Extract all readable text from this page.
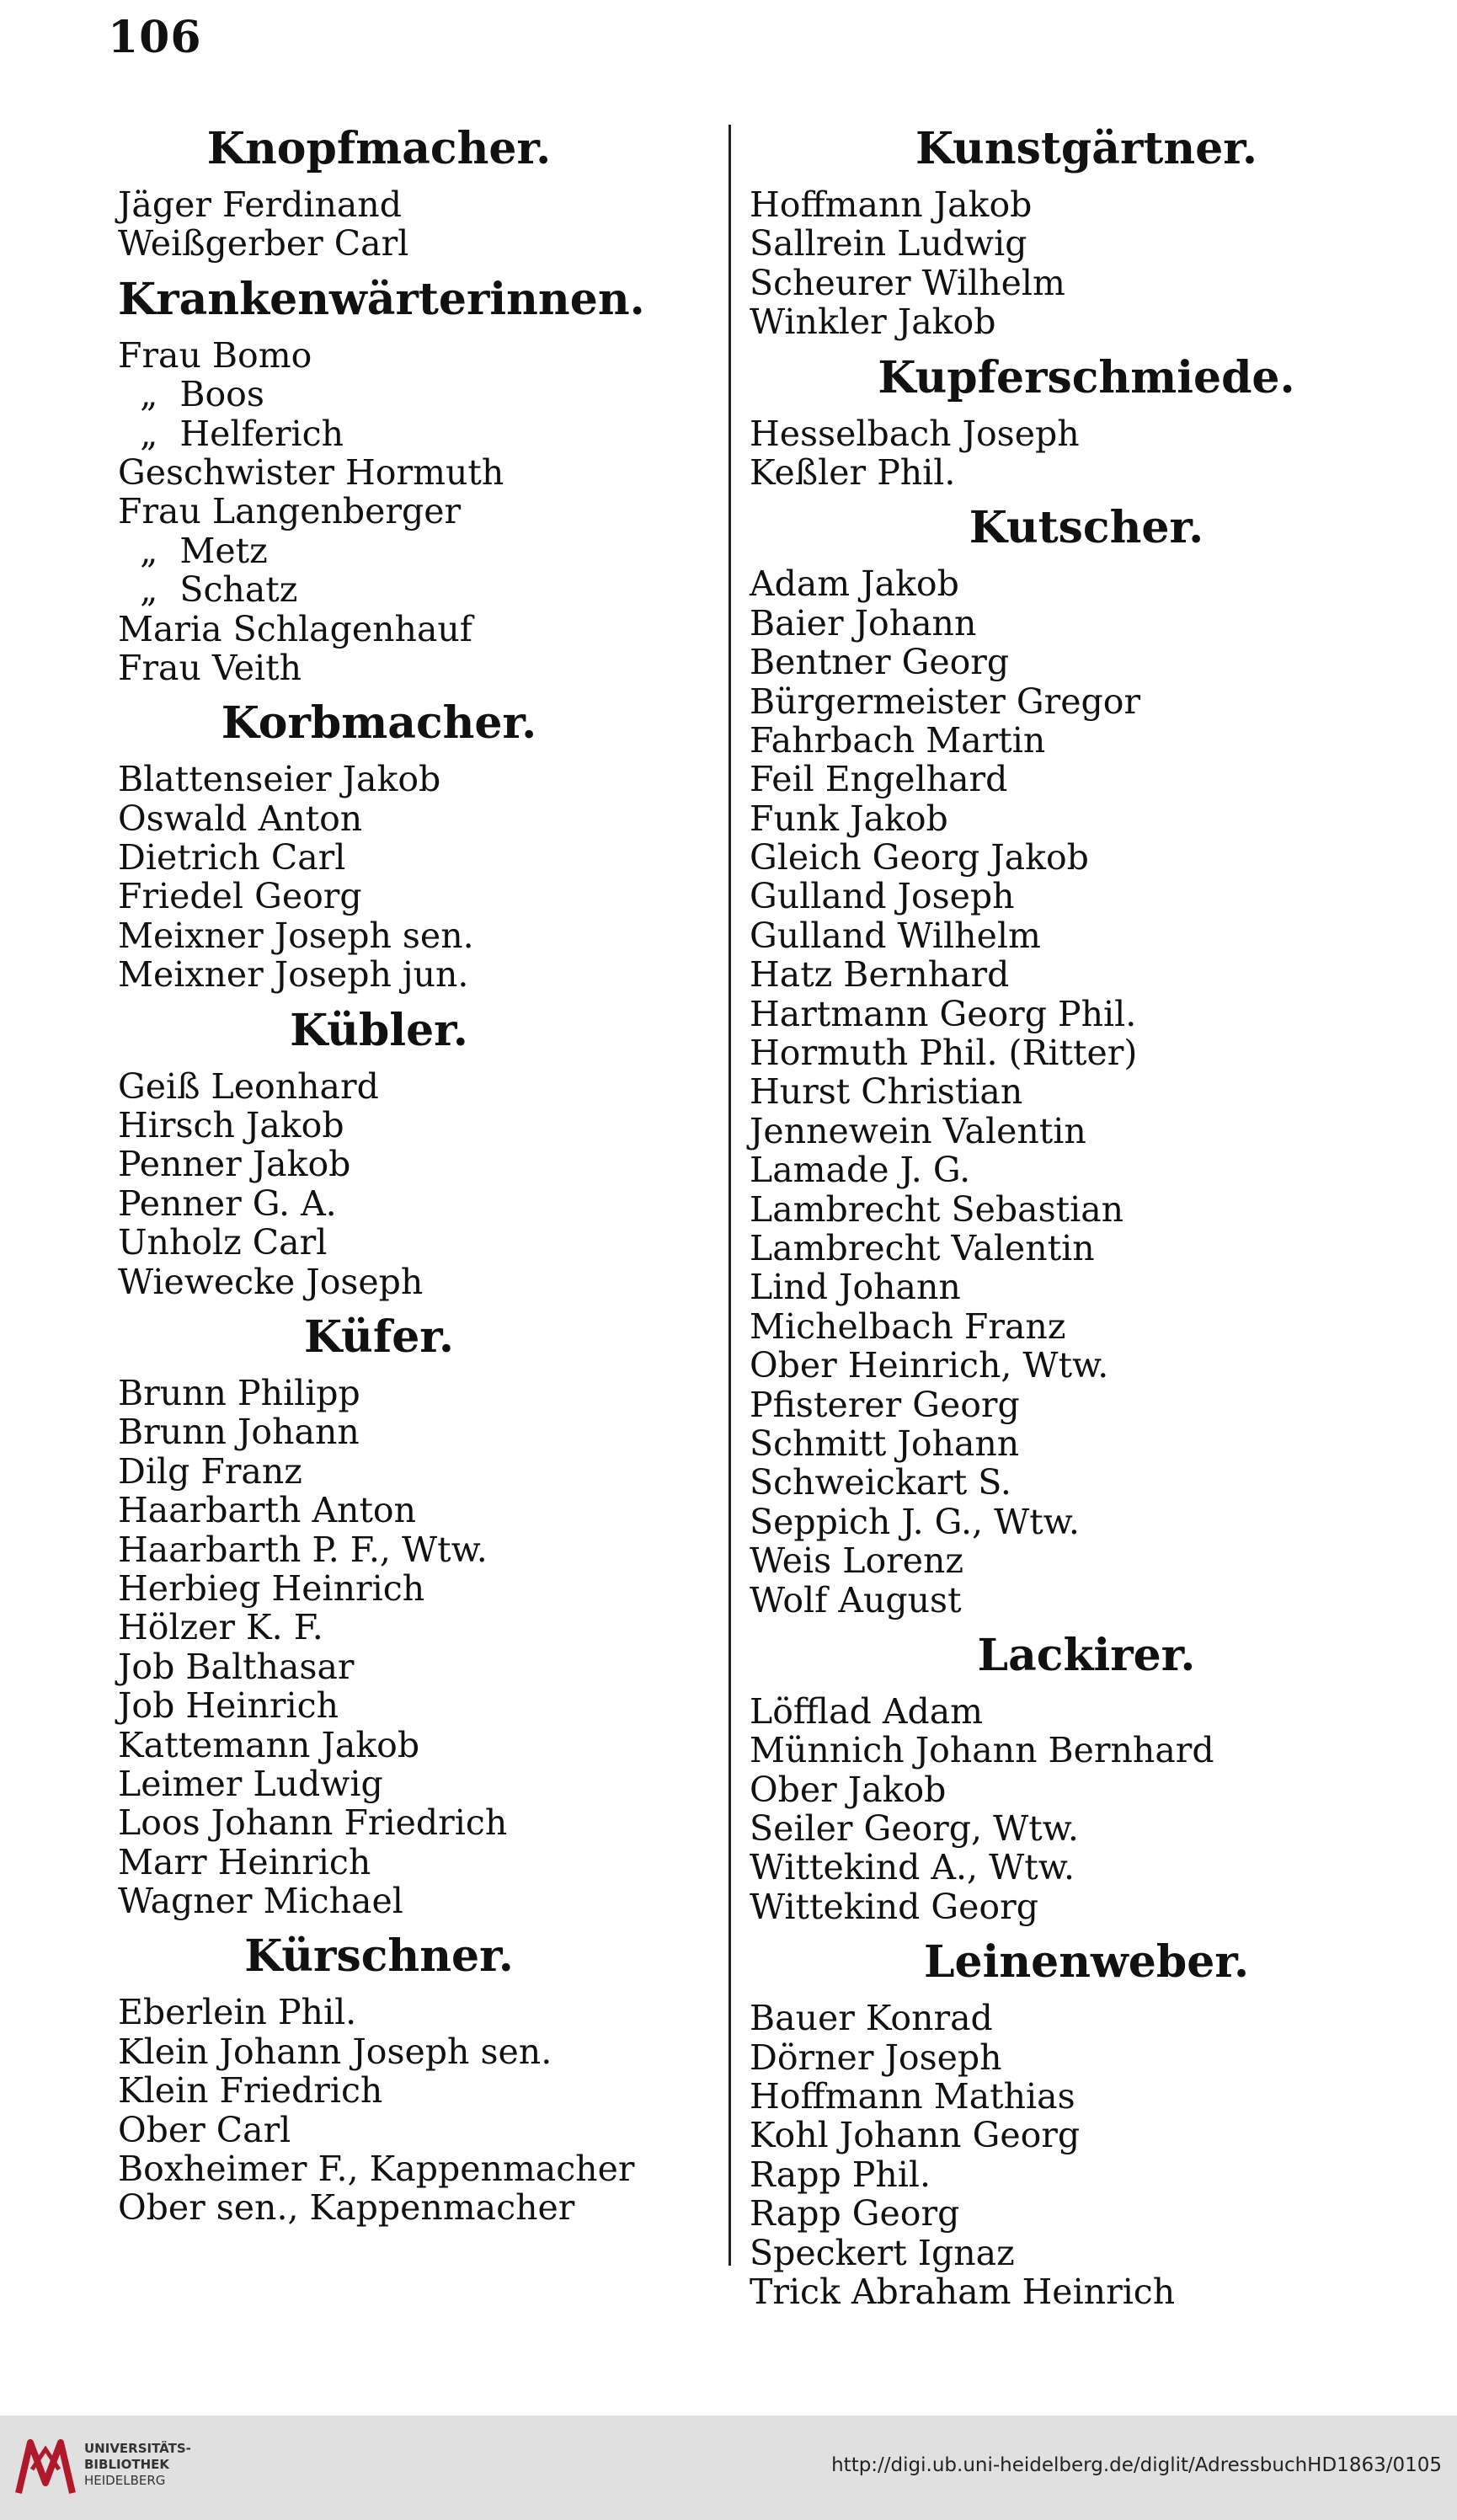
106
Knopfmacher.
Jäger Ferdinand
Weißgerber Carl
Krankenwärterinnen.
Frau Bomo
„  Boos
„  Helferich
Geschwister Hormuth
Frau Langenberger
„  Metz
„  Schatz
Maria Schlagenhauf
Frau Veith
Korbmacher.
Blattenseier Jakob
Oswald Anton
Dietrich Carl
Friedel Georg
Meixner Joseph sen.
Meixner Joseph jun.
Kübler.
Geiß Leonhard
Hirsch Jakob
Penner Jakob
Penner G. A.
Unholz Carl
Wiewecke Joseph
Küfer.
Brunn Philipp
Brunn Johann
Dilg Franz
Haarbarth Anton
Haarbarth P. F., Wtw.
Herbieg Heinrich
Hölzer K. F.
Job Balthasar
Job Heinrich
Kattemann Jakob
Leimer Ludwig
Loos Johann Friedrich
Marr Heinrich
Wagner Michael
Kürschner.
Eberlein Phil.
Klein Johann Joseph sen.
Klein Friedrich
Ober Carl
Boxheimer F., Kappenmacher
Ober sen., Kappenmacher
Kunstgärtner.
Hoffmann Jakob
Sallrein Ludwig
Scheurer Wilhelm
Winkler Jakob
Kupferschmiede.
Hesselbach Joseph
Keßler Phil.
Kutscher.
Adam Jakob
Baier Johann
Bentner Georg
Bürgermeister Gregor
Fahrbach Martin
Feil Engelhard
Funk Jakob
Gleich Georg Jakob
Gulland Joseph
Gulland Wilhelm
Hatz Bernhard
Hartmann Georg Phil.
Hormuth Phil. (Ritter)
Hurst Christian
Jennewein Valentin
Lamade J. G.
Lambrecht Sebastian
Lambrecht Valentin
Lind Johann
Michelbach Franz
Ober Heinrich, Wtw.
Pfisterer Georg
Schmitt Johann
Schweickart S.
Seppich J. G., Wtw.
Weis Lorenz
Wolf August
Lackirer.
Löfflad Adam
Münnich Johann Bernhard
Ober Jakob
Seiler Georg, Wtw.
Wittekind A., Wtw.
Wittekind Georg
Leinenweber.
Bauer Konrad
Dörner Joseph
Hoffmann Mathias
Kohl Johann Georg
Rapp Phil.
Rapp Georg
Speckert Ignaz
Trick Abraham Heinrich
UNIVERSITÄTS-
BIBLIOTHEK
HEIDELBERG
http://digi.ub.uni-heidelberg.de/diglit/AdressbuchHD1863/0105
